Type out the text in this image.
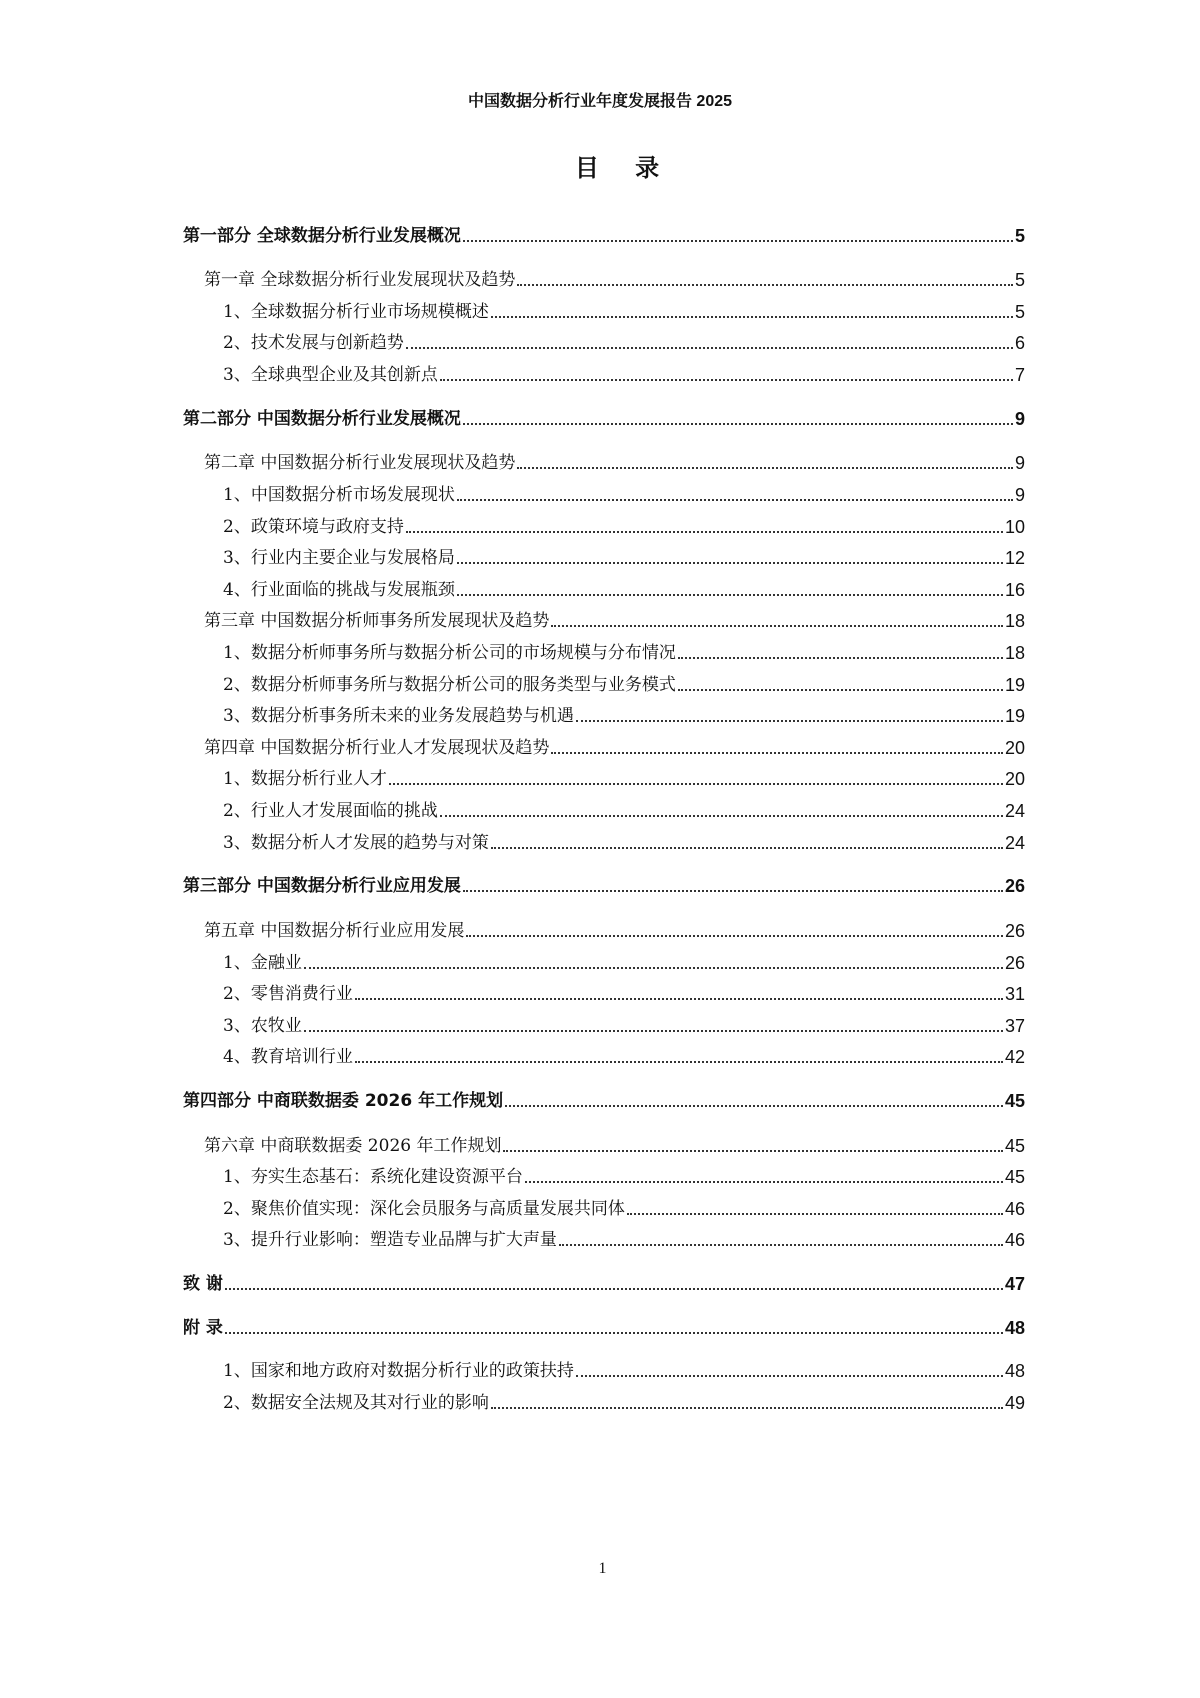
中国数据分析行业年度发展报告 2025
目 录
第一部分 全球数据分析行业发展概况	5
第一章 全球数据分析行业发展现状及趋势	5
1、全球数据分析行业市场规模概述	5
2、技术发展与创新趋势	6
3、全球典型企业及其创新点	7
第二部分 中国数据分析行业发展概况	9
第二章 中国数据分析行业发展现状及趋势	9
1、中国数据分析市场发展现状	9
2、政策环境与政府支持	10
3、行业内主要企业与发展格局	12
4、行业面临的挑战与发展瓶颈	16
第三章 中国数据分析师事务所发展现状及趋势	18
1、数据分析师事务所与数据分析公司的市场规模与分布情况	18
2、数据分析师事务所与数据分析公司的服务类型与业务模式	19
3、数据分析事务所未来的业务发展趋势与机遇	19
第四章 中国数据分析行业人才发展现状及趋势	20
1、数据分析行业人才	20
2、行业人才发展面临的挑战	24
3、数据分析人才发展的趋势与对策	24
第三部分 中国数据分析行业应用发展	26
第五章 中国数据分析行业应用发展	26
1、金融业	26
2、零售消费行业	31
3、农牧业	37
4、教育培训行业	42
第四部分 中商联数据委 2026 年工作规划	45
第六章 中商联数据委 2026 年工作规划	45
1、夯实生态基石：系统化建设资源平台	45
2、聚焦价值实现：深化会员服务与高质量发展共同体	46
3、提升行业影响：塑造专业品牌与扩大声量	46
致 谢	47
附 录	48
1、国家和地方政府对数据分析行业的政策扶持	48
2、数据安全法规及其对行业的影响	49
1
